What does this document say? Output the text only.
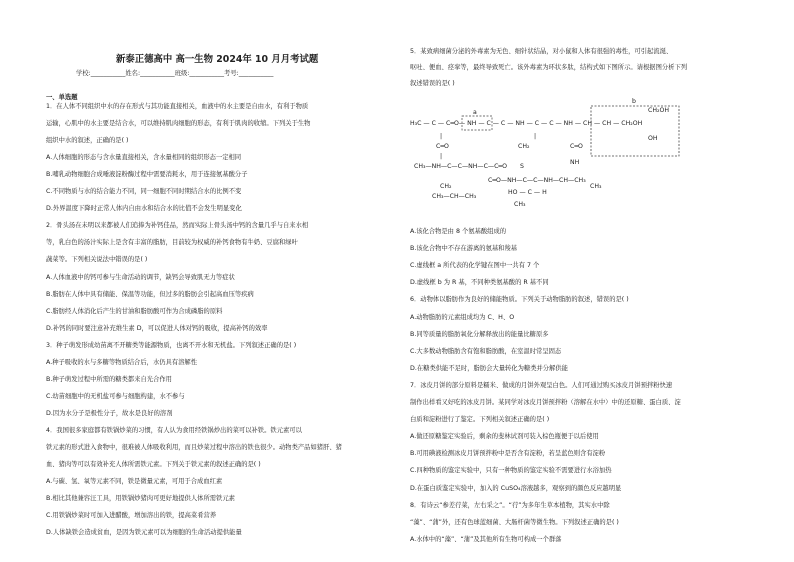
新泰正德高中 高一生物 2024年 10 月月考试题
学校:___________姓名:___________班级:___________考号:___________
一、单选题
1．在人体不同组织中水的存在形式与其功能直接相关，血液中的水主要是自由水，有利于物质
运输，心肌中的水主要是结合水，可以维持肌肉细胞的形态，有利于肌肉的收缩。下列关于生物
组织中水的叙述，正确的是( )
A.人体细胞的形态与含水量直接相关，含水量相同的组织形态一定相同
B.哺乳动物细胞合成唾液淀粉酶过程中需要消耗水，用于连接氨基酸分子
C.不同物质与水的结合能力不同，同一细胞不同时期结合水的比例不变
D.外界温度下降时正常人体内自由水和结合水的比值不会发生明显变化
2．骨头汤在未明以来都被人们追捧为补钙佳品，然而实际上骨头汤中钙的含量几乎与自来水相
等，乳白色的汤汁实际上是含有丰富的脂肪，目前较为权威的补钙食物有牛奶、豆腐和绿叶
蔬菜等。下列相关说法中错误的是( )
A.人体血液中的钙可参与生命活动的调节，缺钙会导致肌无力等症状
B.脂肪在人体中具有储能、保温等功能，但过多的脂肪会引起高血压等疾病
C.脂肪经人体消化后产生的甘油和脂肪酸可作为合成磷脂的原料
D.补钙的同时要注意补充维生素 D，可以促进人体对钙的吸收，提高补钙的效率
3．种子萌发形成幼苗离不开糖类等能源物质，也离不开水和无机盐。下列叙述正确的是( )
A.种子吸收的水与多糖等物质结合后，水仍具有溶解性
B.种子萌发过程中所需的糖类都来自光合作用
C.幼苗细胞中的无机盐可参与细胞构建，水不参与
D.因为水分子是极性分子，故水是良好的溶剂
4．我国很多家庭都有铁锅炒菜的习惯，有人认为食用经铁锅炒出的菜可以补铁。铁元素可以
铁元素的形式进入食物中，很难被人体吸收利用，而且炒菜过程中溶出的铁也很少。动物类产品如猪肝、猪
血、猪肉等可以有效补充人体所需铁元素。下列关于铁元素的叙述正确的是( )
A.与碳、氢、氧等元素不同，铁是微量元素，可用于合成血红素
B.相比其他兼容汪工具，用铁锅炒猪肉可更好地提供人体所需铁元素
C.用铁锅炒菜时可加入进醋酸，增加溶出的铁，提高菜肴营养
D.人体缺铁会造成贫血，是因为铁元素可以为细胞的生命活动提供能量
5．某致病细菌分泌的外毒素为无色、细针状结晶，对小鼠和人体有很强的毒性，可引起流涎、
呕吐、便血、痉挛等，最终导致死亡。该外毒素为环状多肽，结构式如下图所示。请根据图分析下列
叙述错误的是( )
a
b
H₃C — C — C═O— NH — C — C — NH — C — C — NH — CH — CH — CH₂OH
CH₂OH
OH
|	|
C═O	CH₂
|
CH₃—NH—C—C—NH—C—C═O S
C═O
NH
C═O—NH—C—C—NH—CH—CH₃
CH₂
CH₃—CH—CH₃
HO — C — H
CH₃
CH₃
A.该化合物是由 8 个氨基酸组成的
B.该化合物中不存在游离的氨基和羧基
C.虚线框 a 所代表的化学键在图中一共有 7 个
D.虚线框 b 为 R 基，不同种类氨基酸的 R 基不同
6．动物体以脂肪作为良好的储能物质。下列关于动物脂肪的叙述，错误的是( )
A.动物脂肪的元素组成均为 C、H、O
B.同等质量的脂肪氧化分解释放出的能量比糖原多
C.大多数动物脂肪含有饱和脂肪酸，在室温时常呈固态
D.在糖类供能不足时，脂肪会大量转化为糖类并分解供能
7．冰皮月饼的部分原料是糯米、做成的月饼外观呈白色。人们可通过购买冰皮月饼预拌粉快速
制作出样看又好吃的冰皮月饼。某同学对冰皮月饼预拌粉（溶解在水中）中的还原糖、蛋白质、淀
白质和淀粉进行了鉴定。下列相关叙述正确的是( )
A.做还原糖鉴定实验后，剩余的斐林试剂可装入棕色瓶便于以后使用
B.可用碘液检测冰皮月饼预拌粉中是否含有淀粉，若呈蓝色则含有淀粉
C.四种物质的鉴定实验中，只有一种物质的鉴定实验不需要进行水浴加热
D.在蛋白质鉴定实验中，加入的 CuSO₄溶液越多，观察到的颜色反应越明显
8．有诗云“参差荇菜，左右采之”。“荇”为多年生草本植物，其实水中除
“藻”、“蒲”外，还有色球蓝细菌、大肠杆菌等微生物。下列叙述正确的是( )
A.水体中的“藻”、“蒲”及其他所有生物可构成一个群落
